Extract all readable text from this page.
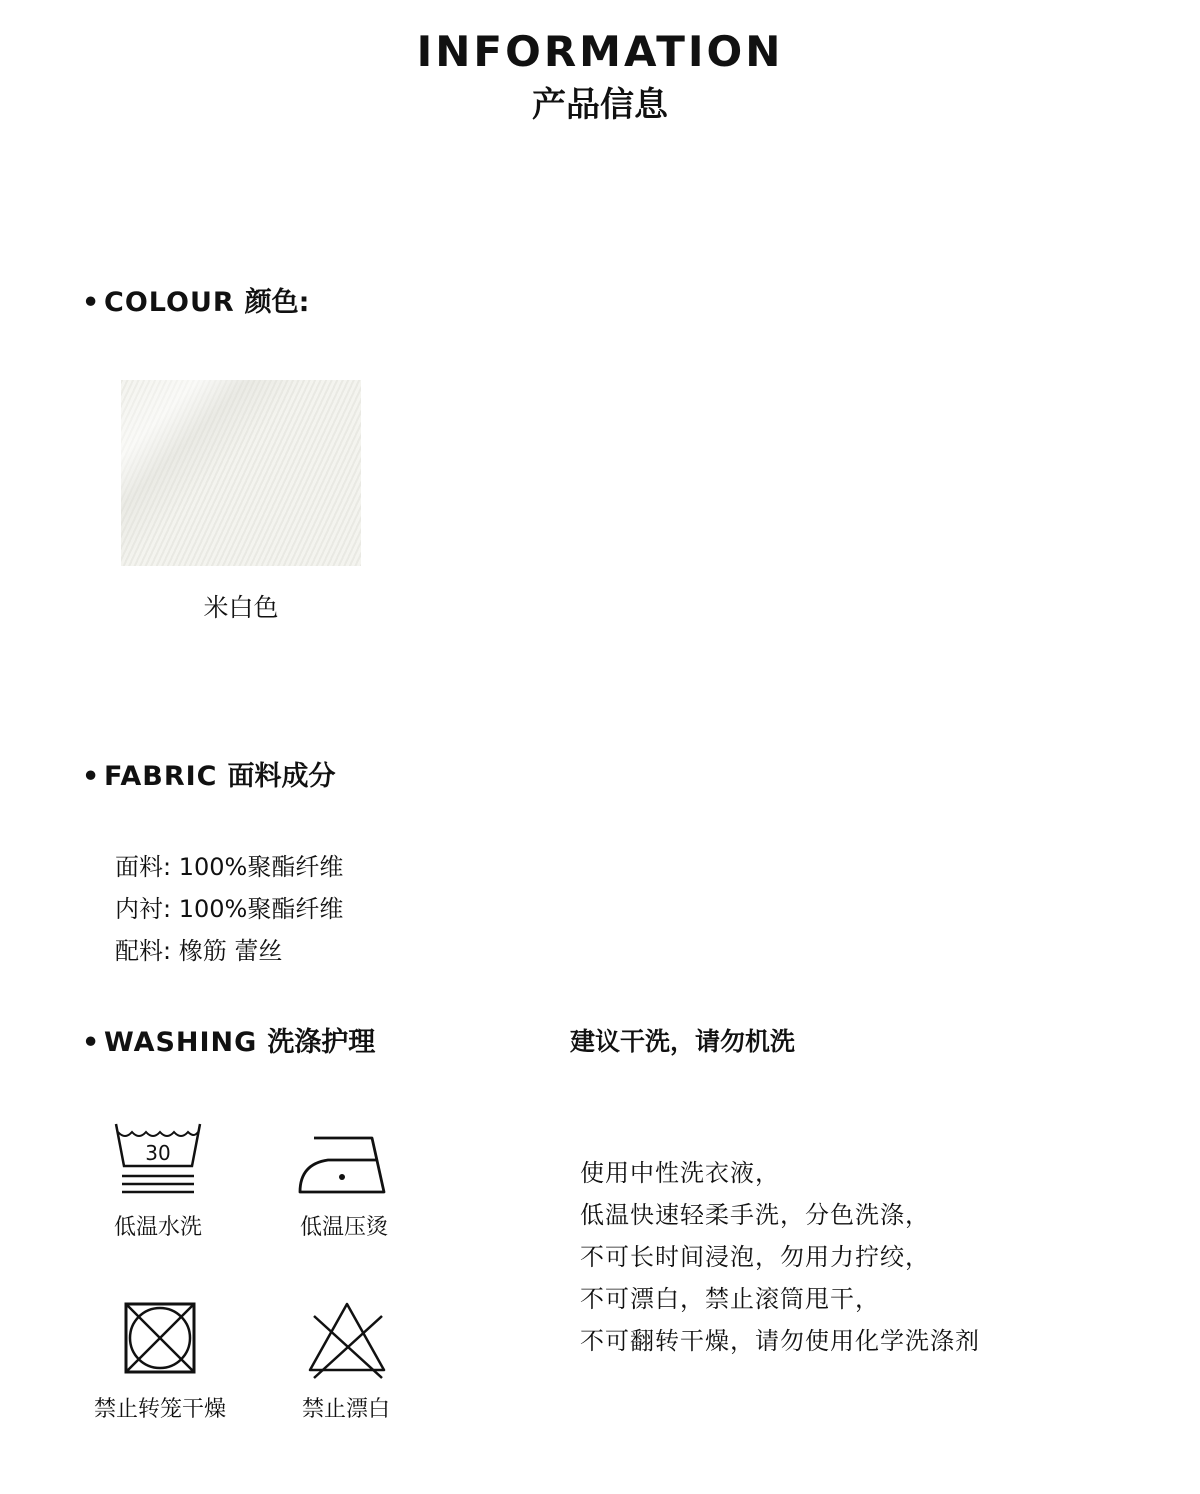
INFORMATION
产品信息
• COLOUR 颜色:
米白色
• FABRIC 面料成分
面料: 100%聚酯纤维
内衬: 100%聚酯纤维
配料: 橡筋 蕾丝
• WASHING 洗涤护理	建议干洗，请勿机洗
30
低温水洗	低温压烫
禁止转笼干燥	禁止漂白
使用中性洗衣液，
低温快速轻柔手洗，分色洗涤，
不可长时间浸泡，勿用力拧绞，
不可漂白，禁止滚筒甩干，
不可翻转干燥，请勿使用化学洗涤剂
